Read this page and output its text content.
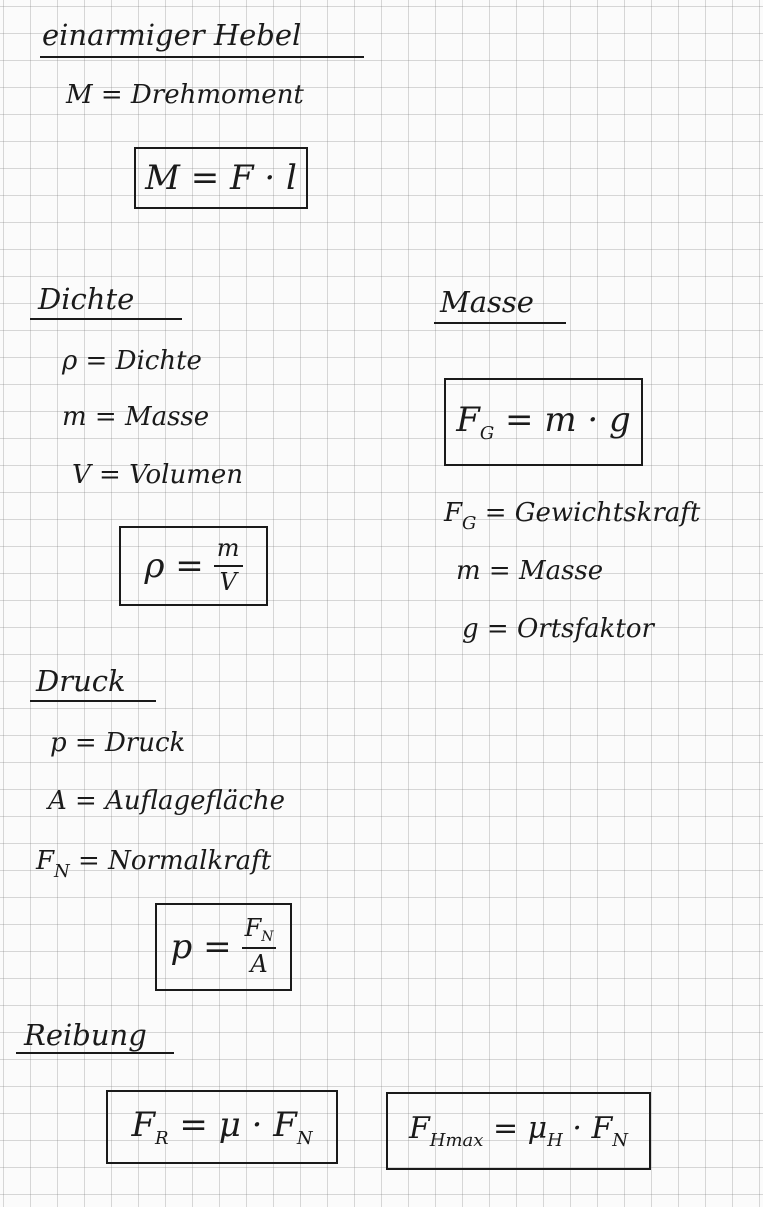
einarmiger Hebel
M = Drehmoment
M = F · l
Dichte
ρ = Dichte
m = Masse
V = Volumen
$\rho = \frac{m}{V}$
Masse
$F_G = m \cdot g$
$F_G$ = Gewichtskraft
m = Masse
g = Ortsfaktor
Druck
p = Druck
A = Auflagefläche
$F_N$ = Normalkraft
$p = \frac{F_N}{A}$
Reibung
$F_R = \mu \cdot F_N$	$F_{Hmax} = \mu_H \cdot F_N$
